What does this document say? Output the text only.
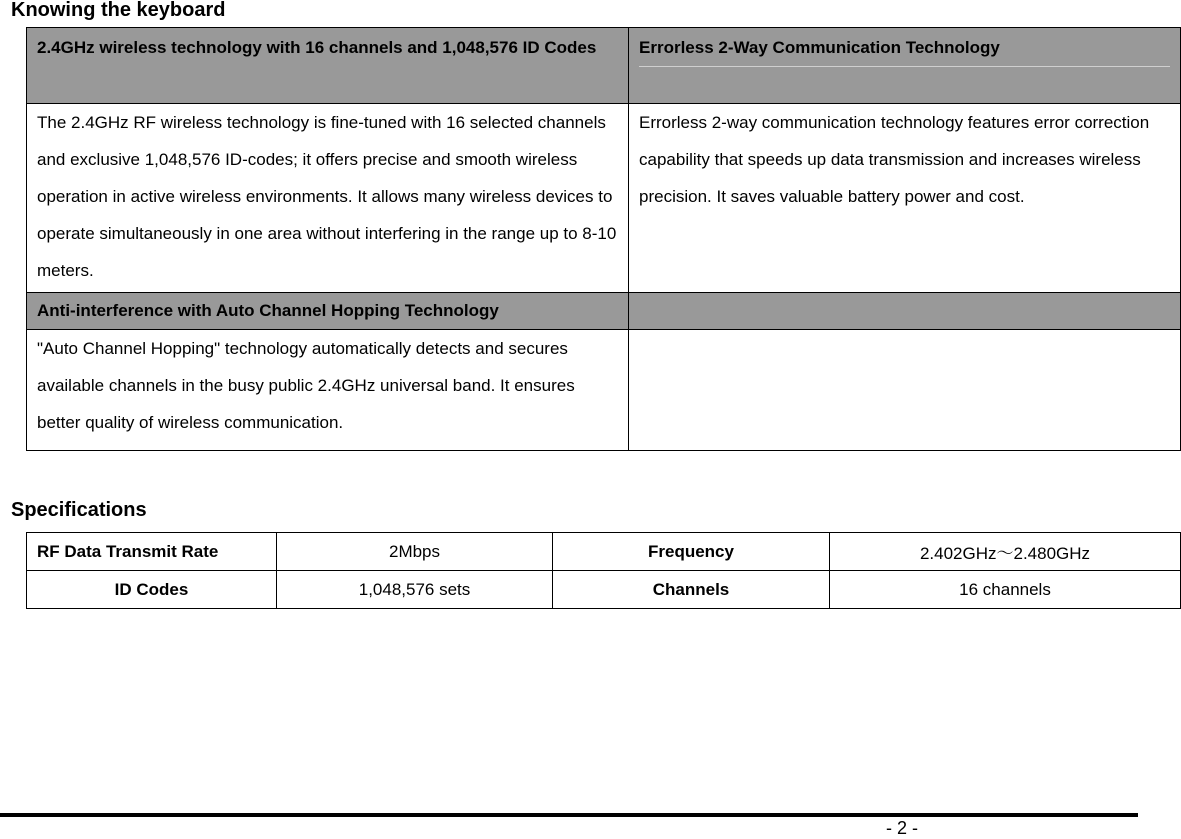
Knowing the keyboard
2.4GHz wireless technology with 16 channels and 1,048,576 ID Codes	Errorless 2-Way Communication Technology

The 2.4GHz RF wireless technology is fine-tuned with 16 selected channels and exclusive 1,048,576 ID-codes; it offers precise and smooth wireless operation in active wireless environments. It allows many wireless devices to operate simultaneously in one area without interfering in the range up to 8-10 meters.	Errorless 2-way communication technology features error correction capability that speeds up data transmission and increases wireless precision. It saves valuable battery power and cost.
Anti-interference with Auto Channel Hopping Technology	
"Auto Channel Hopping" technology automatically detects and secures available channels in the busy public 2.4GHz universal band. It ensures better quality of wireless communication.	
Specifications
RF Data Transmit Rate	2Mbps	Frequency	2.402GHz～2.480GHz
ID Codes	1,048,576 sets	Channels	16 channels
- 2 -
